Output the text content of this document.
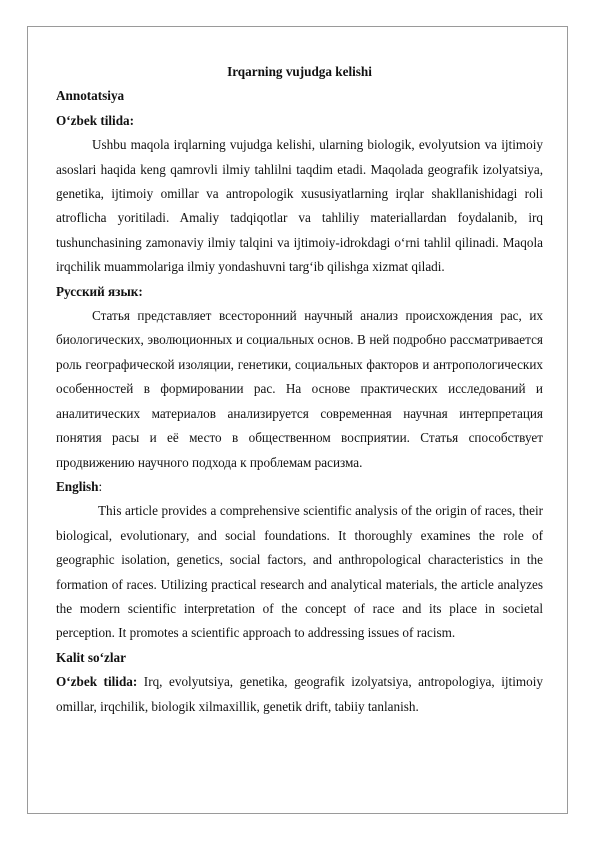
Irqarning vujudga kelishi

Annotatsiya

O‘zbek tilida:

Ushbu maqola irqlarning vujudga kelishi, ularning biologik, evolyutsion va ijtimoiy asoslari haqida keng qamrovli ilmiy tahlilni taqdim etadi. Maqolada geografik izolyatsiya, genetika, ijtimoiy omillar va antropologik xususiyatlarning irqlar shakllanishidagi roli atroflicha yoritiladi. Amaliy tadqiqotlar va tahliliy materiallardan foydalanib, irq tushunchasining zamonaviy ilmiy talqini va ijtimoiy-idrokdagi o‘rni tahlil qilinadi. Maqola irqchilik muammolariga ilmiy yondashuvni targ‘ib qilishga xizmat qiladi.

Русский язык:

Статья представляет всесторонний научный анализ происхождения рас, их биологических, эволюционных и социальных основ. В ней подробно рассматривается роль географической изоляции, генетики, социальных факторов и антропологических особенностей в формировании рас. На основе практических исследований и аналитических материалов анализируется современная научная интерпретация понятия расы и её место в общественном восприятии. Статья способствует продвижению научного подхода к проблемам расизма.

English:

This article provides a comprehensive scientific analysis of the origin of races, their biological, evolutionary, and social foundations. It thoroughly examines the role of geographic isolation, genetics, social factors, and anthropological characteristics in the formation of races. Utilizing practical research and analytical materials, the article analyzes the modern scientific interpretation of the concept of race and its place in societal perception. It promotes a scientific approach to addressing issues of racism.

Kalit so‘zlar

O‘zbek tilida: Irq, evolyutsiya, genetika, geografik izolyatsiya, antropologiya, ijtimoiy omillar, irqchilik, biologik xilmaxillik, genetik drift, tabiiy tanlanish.
